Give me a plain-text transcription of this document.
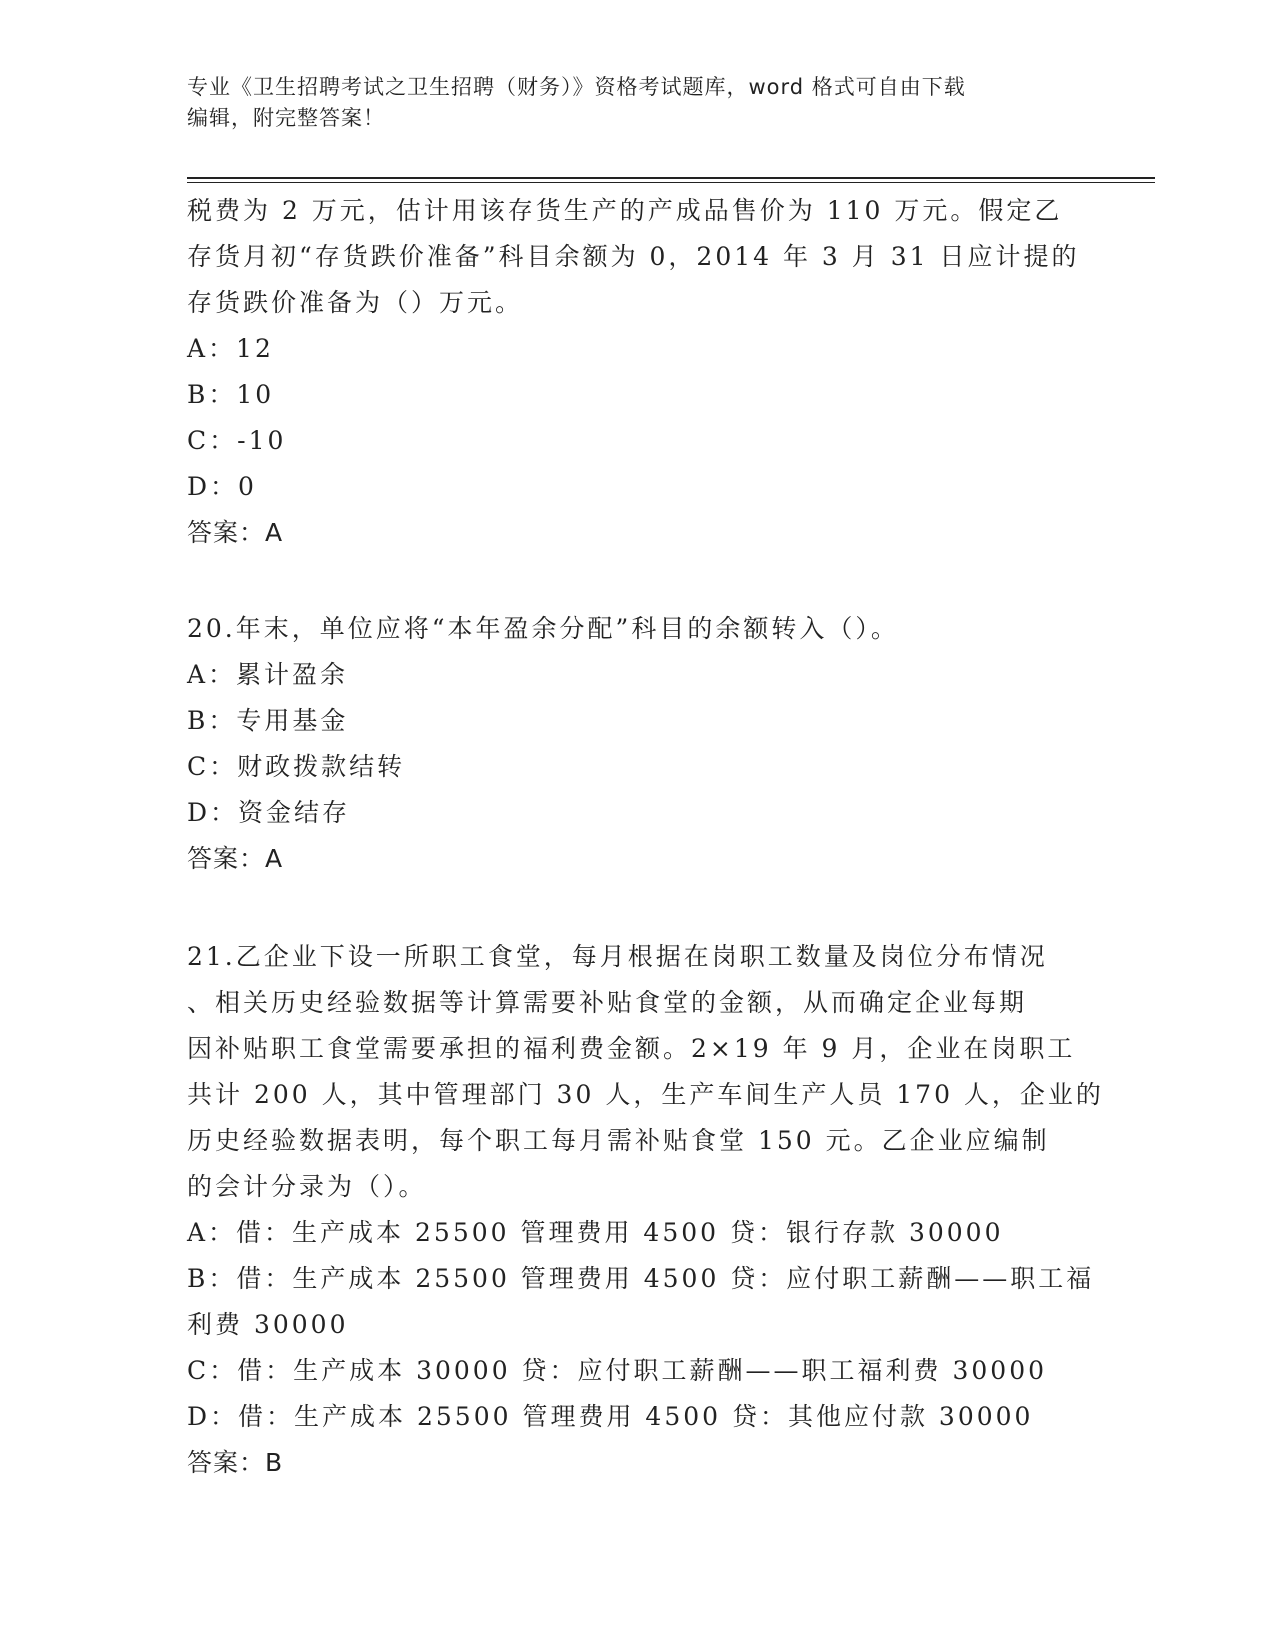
专业《卫生招聘考试之卫生招聘（财务）》资格考试题库，word 格式可自由下载
编辑，附完整答案！
税费为 2 万元，估计用该存货生产的产成品售价为 110 万元。假定乙
存货月初“存货跌价准备”科目余额为 0，2014 年 3 月 31 日应计提的
存货跌价准备为（）万元。
A：12
B：10
C：-10
D：0
答案：A
20.年末，单位应将“本年盈余分配”科目的余额转入（）。
A：累计盈余
B：专用基金
C：财政拨款结转
D：资金结存
答案：A
21.乙企业下设一所职工食堂，每月根据在岗职工数量及岗位分布情况
、相关历史经验数据等计算需要补贴食堂的金额，从而确定企业每期
因补贴职工食堂需要承担的福利费金额。2×19 年 9 月，企业在岗职工
共计 200 人，其中管理部门 30 人，生产车间生产人员 170 人，企业的
历史经验数据表明，每个职工每月需补贴食堂 150 元。乙企业应编制
的会计分录为（）。
A：借：生产成本 25500 管理费用 4500 贷：银行存款 30000
B：借：生产成本 25500 管理费用 4500 贷：应付职工薪酬——职工福
利费 30000
C：借：生产成本 30000 贷：应付职工薪酬——职工福利费 30000
D：借：生产成本 25500 管理费用 4500 贷：其他应付款 30000
答案：B
